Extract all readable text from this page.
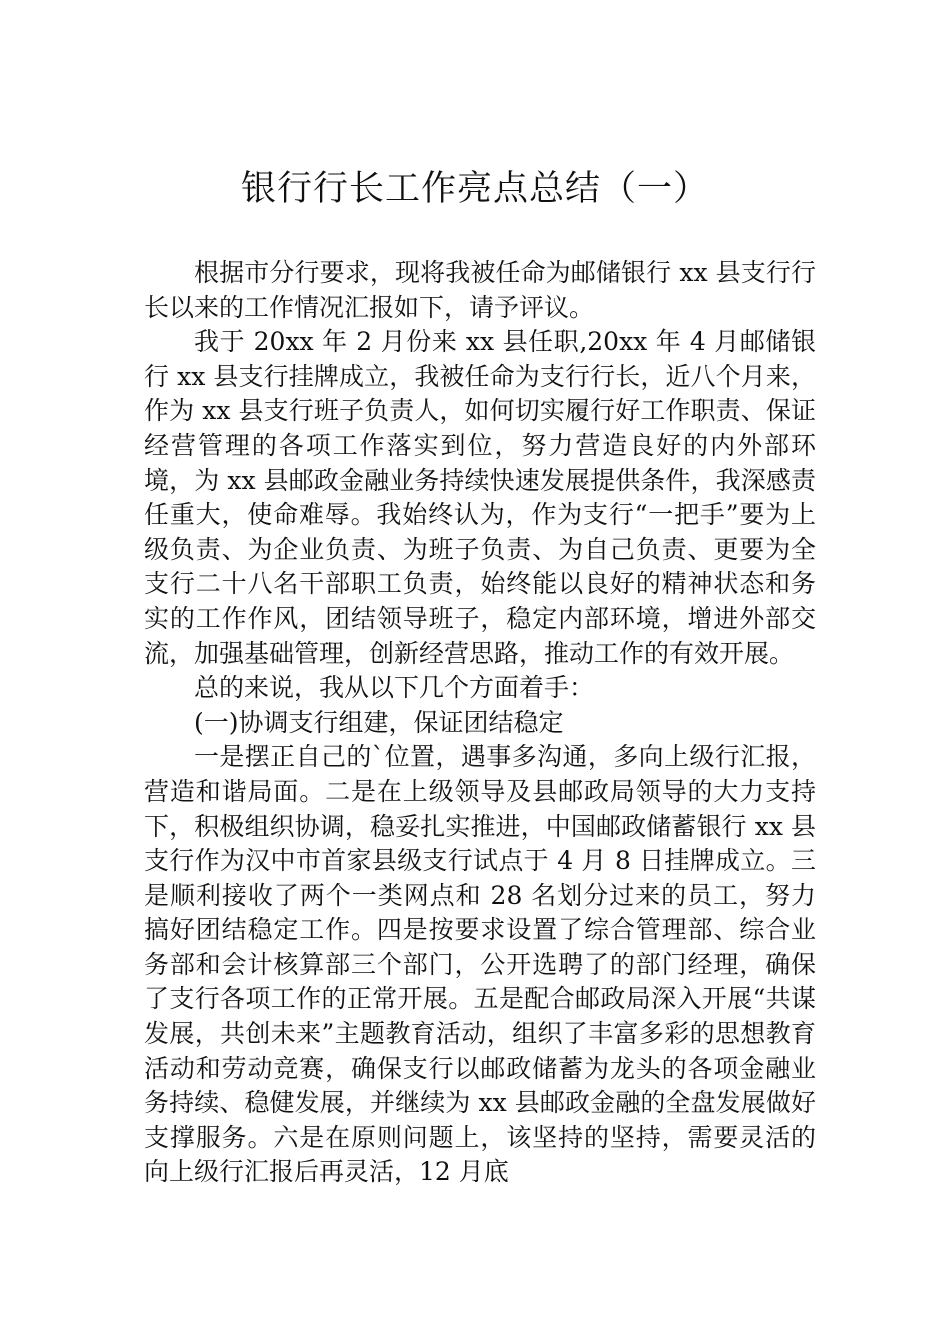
银行行长工作亮点总结（一）

根据市分行要求，现将我被任命为邮储银行 xx 县支行行长以来的工作情况汇报如下，请予评议。

我于 20xx 年 2 月份来 xx 县任职,20xx 年 4 月邮储银行 xx 县支行挂牌成立，我被任命为支行行长，近八个月来，作为 xx 县支行班子负责人，如何切实履行好工作职责、保证经营管理的各项工作落实到位，努力营造良好的内外部环境，为 xx 县邮政金融业务持续快速发展提供条件，我深感责任重大，使命难辱。我始终认为，作为支行“一把手”要为上级负责、为企业负责、为班子负责、为自己负责、更要为全支行二十八名干部职工负责，始终能以良好的精神状态和务实的工作作风，团结领导班子，稳定内部环境，增进外部交流，加强基础管理，创新经营思路，推动工作的有效开展。

总的来说，我从以下几个方面着手：

(一)协调支行组建，保证团结稳定

一是摆正自己的`位置，遇事多沟通，多向上级行汇报，营造和谐局面。二是在上级领导及县邮政局领导的大力支持下，积极组织协调，稳妥扎实推进，中国邮政储蓄银行 xx 县支行作为汉中市首家县级支行试点于 4 月 8 日挂牌成立。三是顺利接收了两个一类网点和 28 名划分过来的员工，努力搞好团结稳定工作。四是按要求设置了综合管理部、综合业务部和会计核算部三个部门，公开选聘了的部门经理，确保了支行各项工作的正常开展。五是配合邮政局深入开展“共谋发展，共创未来”主题教育活动，组织了丰富多彩的思想教育活动和劳动竞赛，确保支行以邮政储蓄为龙头的各项金融业务持续、稳健发展，并继续为 xx 县邮政金融的全盘发展做好支撑服务。六是在原则问题上，该坚持的坚持，需要灵活的向上级行汇报后再灵活，12 月底
